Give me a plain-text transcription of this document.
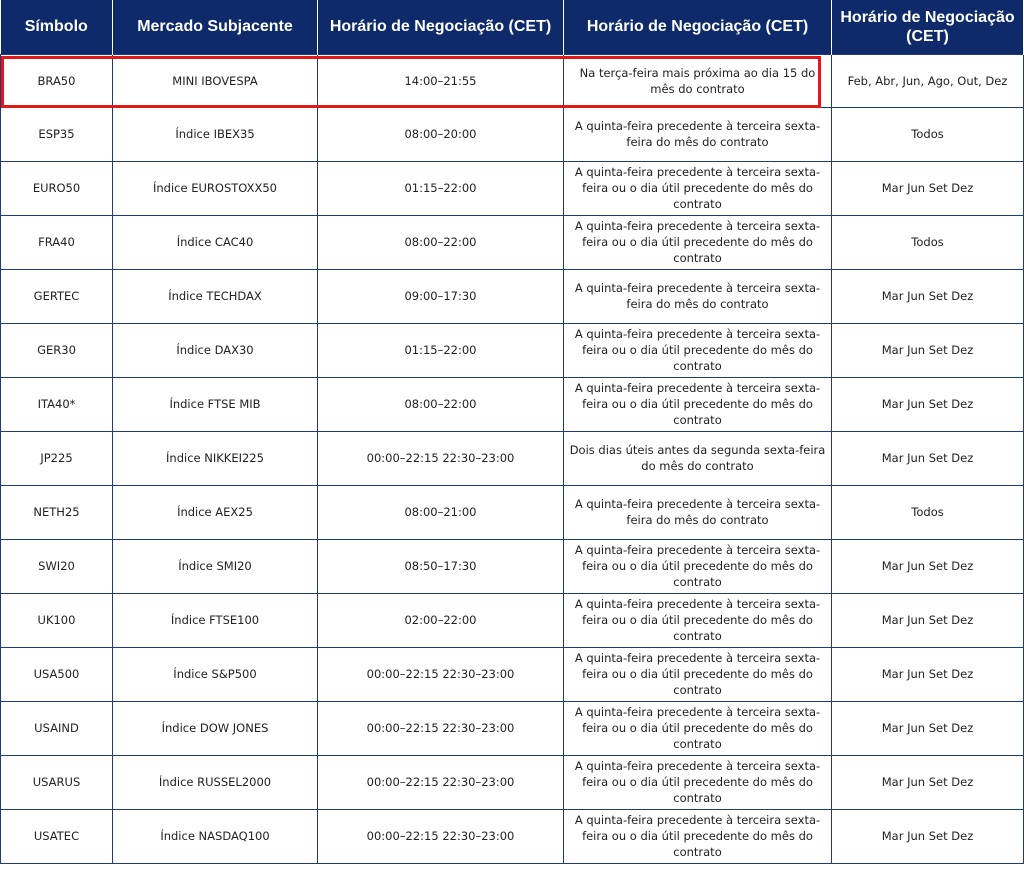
Símbolo	Mercado Subjacente	Horário de Negociação (CET)	Horário de Negociação (CET)	Horário de Negociação (CET)
BRA50	MINI IBOVESPA	14:00–21:55	Na terça-feira mais próxima ao dia 15 do mês do contrato	Feb, Abr, Jun, Ago, Out, Dez
ESP35	Índice IBEX35	08:00–20:00	A quinta-feira precedente à terceira sexta-feira do mês do contrato	Todos
EURO50	Índice EUROSTOXX50	01:15–22:00	A quinta-feira precedente à terceira sexta-feira ou o dia útil precedente do mês do contrato	Mar Jun Set Dez
FRA40	Índice CAC40	08:00–22:00	A quinta-feira precedente à terceira sexta-feira ou o dia útil precedente do mês do contrato	Todos
GERTEC	Índice TECHDAX	09:00–17:30	A quinta-feira precedente à terceira sexta-feira do mês do contrato	Mar Jun Set Dez
GER30	Índice DAX30	01:15–22:00	A quinta-feira precedente à terceira sexta-feira ou o dia útil precedente do mês do contrato	Mar Jun Set Dez
ITA40*	Índice FTSE MIB	08:00–22:00	A quinta-feira precedente à terceira sexta-feira ou o dia útil precedente do mês do contrato	Mar Jun Set Dez
JP225	Índice NIKKEI225	00:00–22:15 22:30–23:00	Dois dias úteis antes da segunda sexta-feira do mês do contrato	Mar Jun Set Dez
NETH25	Índice AEX25	08:00–21:00	A quinta-feira precedente à terceira sexta-feira do mês do contrato	Todos
SWI20	Índice SMI20	08:50–17:30	A quinta-feira precedente à terceira sexta-feira ou o dia útil precedente do mês do contrato	Mar Jun Set Dez
UK100	Índice FTSE100	02:00–22:00	A quinta-feira precedente à terceira sexta-feira ou o dia útil precedente do mês do contrato	Mar Jun Set Dez
USA500	Índice S&P500	00:00–22:15 22:30–23:00	A quinta-feira precedente à terceira sexta-feira ou o dia útil precedente do mês do contrato	Mar Jun Set Dez
USAIND	Índice DOW JONES	00:00–22:15 22:30–23:00	A quinta-feira precedente à terceira sexta-feira ou o dia útil precedente do mês do contrato	Mar Jun Set Dez
USARUS	Índice RUSSEL2000	00:00–22:15 22:30–23:00	A quinta-feira precedente à terceira sexta-feira ou o dia útil precedente do mês do contrato	Mar Jun Set Dez
USATEC	Índice NASDAQ100	00:00–22:15 22:30–23:00	A quinta-feira precedente à terceira sexta-feira ou o dia útil precedente do mês do contrato	Mar Jun Set Dez
